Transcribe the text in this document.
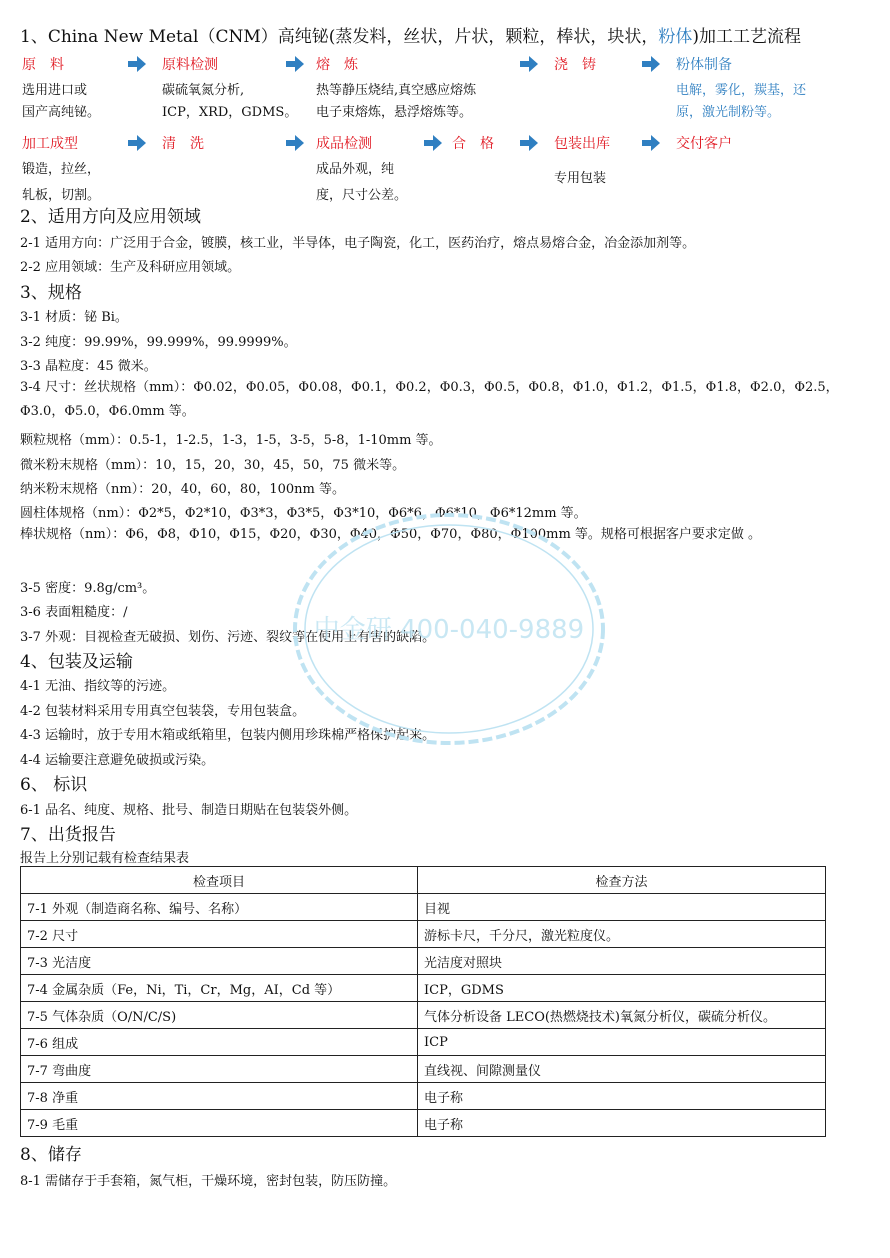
1、China New Metal（CNM）高纯铋(蒸发料，丝状，片状，颗粒，棒状，块状，粉体)加工工艺流程
原　料	原料检测	熔　炼	浇　铸	粉体制备
选用进口或
国产高纯铋。
碳硫氧氮分析,
ICP，XRD，GDMS。
热等静压烧结,真空感应熔炼
电子束熔炼，悬浮熔炼等。
电解，雾化，羰基，还
原，激光制粉等。
加工成型	清　洗	成品检测	合　格	包装出库	交付客户
锻造，拉丝，
轧板，切割。
成品外观，纯
度，尺寸公差。
专用包装
2、适用方向及应用领域
2-1 适用方向：广泛用于合金，镀膜，核工业，半导体，电子陶瓷，化工，医药治疗，熔点易熔合金，冶金添加剂等。
2-2 应用领域：生产及科研应用领域。
3、规格
3-1 材质：铋 Bi。
3-2 纯度：99.99%，99.999%，99.9999%。
3-3 晶粒度：45 微米。
3-4 尺寸：丝状规格（mm）：Φ0.02，Φ0.05，Φ0.08，Φ0.1，Φ0.2，Φ0.3，Φ0.5，Φ0.8，Φ1.0，Φ1.2，Φ1.5，Φ1.8，Φ2.0，Φ2.5，Φ3.0，Φ5.0，Φ6.0mm 等。
颗粒规格（mm）：0.5-1，1-2.5，1-3，1-5，3-5，5-8，1-10mm 等。
微米粉末规格（mm）：10，15，20，30，45，50，75 微米等。
纳米粉末规格（nm）：20，40，60，80，100nm 等。
圆柱体规格（nm）：Φ2*5，Φ2*10，Φ3*3，Φ3*5，Φ3*10，Φ6*6，Φ6*10，Φ6*12mm 等。
棒状规格（nm）：Φ6，Φ8，Φ10，Φ15，Φ20，Φ30，Φ40，Φ50，Φ70，Φ80，Φ100mm 等。规格可根据客户要求定做 。
3-5 密度：9.8g/cm³。
3-6 表面粗糙度：/
3-7 外观：目视检查无破损、划伤、污迹、裂纹等在使用上有害的缺陷。
4、包装及运输
4-1 无油、指纹等的污迹。
4-2 包装材料采用专用真空包装袋，专用包装盒。
4-3 运输时，放于专用木箱或纸箱里，包装内侧用珍珠棉严格保护起来。
4-4 运输要注意避免破损或污染。
6、 标识
6-1 品名、纯度、规格、批号、制造日期贴在包装袋外侧。
7、出货报告
报告上分别记载有检查结果表
检查项目	检查方法
7-1 外观（制造商名称、编号、名称）	目视
7-2 尺寸	游标卡尺，千分尺，激光粒度仪。
7-3 光洁度	光洁度对照块
7-4 金属杂质（Fe，Ni，Ti，Cr，Mg，AI，Cd 等）	ICP，GDMS
7-5 气体杂质（O/N/C/S)	气体分析设备 LECO(热燃烧技术)氧氮分析仪，碳硫分析仪。
7-6 组成	ICP
7-7 弯曲度	直线视、间隙测量仪
7-8 净重	电子称
7-9 毛重	电子称
8、储存
8-1 需储存于手套箱，氮气柜，干燥环境，密封包装，防压防撞。
中金研 400-040-9889
